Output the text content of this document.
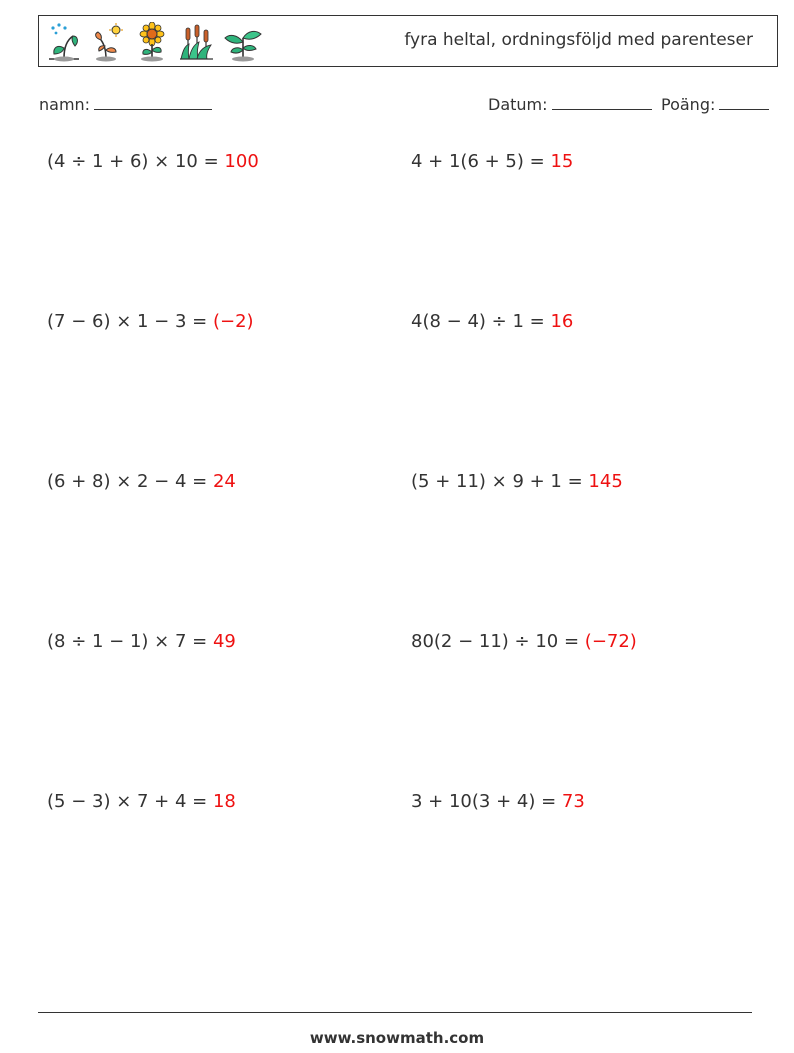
fyra heltal, ordningsföljd med parenteser
namn:	Datum:	Poäng:
(4 ÷ 1 + 6) × 10 = 100	4 + 1(6 + 5) = 15
(7 − 6) × 1 − 3 = (−2)	4(8 − 4) ÷ 1 = 16
(6 + 8) × 2 − 4 = 24	(5 + 11) × 9 + 1 = 145
(8 ÷ 1 − 1) × 7 = 49	80(2 − 11) ÷ 10 = (−72)
(5 − 3) × 7 + 4 = 18	3 + 10(3 + 4) = 73
www.snowmath.com
